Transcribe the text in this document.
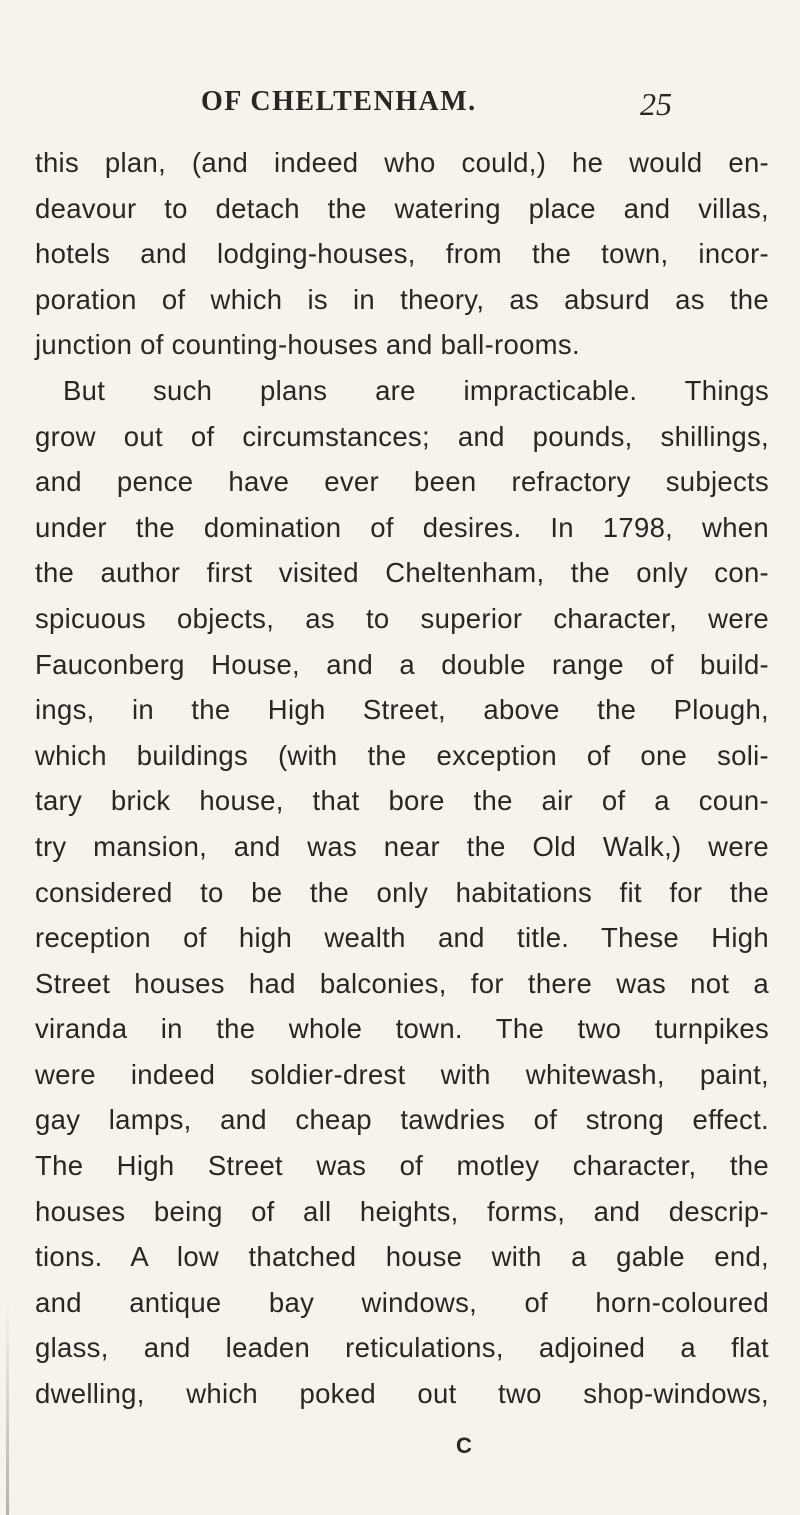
OF CHELTENHAM.	25
this plan, (and indeed who could,) he would en-
deavour to detach the watering place and villas,
hotels and lodging-houses, from the town, incor-
poration of which is in theory, as absurd as the
junction of counting-houses and ball-rooms.
But such plans are impracticable. Things
grow out of circumstances; and pounds, shillings,
and pence have ever been refractory subjects
under the domination of desires. In 1798, when
the author first visited Cheltenham, the only con-
spicuous objects, as to superior character, were
Fauconberg House, and a double range of build-
ings, in the High Street, above the Plough,
which buildings (with the exception of one soli-
tary brick house, that bore the air of a coun-
try mansion, and was near the Old Walk,) were
considered to be the only habitations fit for the
reception of high wealth and title. These High
Street houses had balconies, for there was not a
viranda in the whole town. The two turnpikes
were indeed soldier-drest with whitewash, paint,
gay lamps, and cheap tawdries of strong effect.
The High Street was of motley character, the
houses being of all heights, forms, and descrip-
tions. A low thatched house with a gable end,
and antique bay windows, of horn-coloured
glass, and leaden reticulations, adjoined a flat
dwelling, which poked out two shop-windows,
C
